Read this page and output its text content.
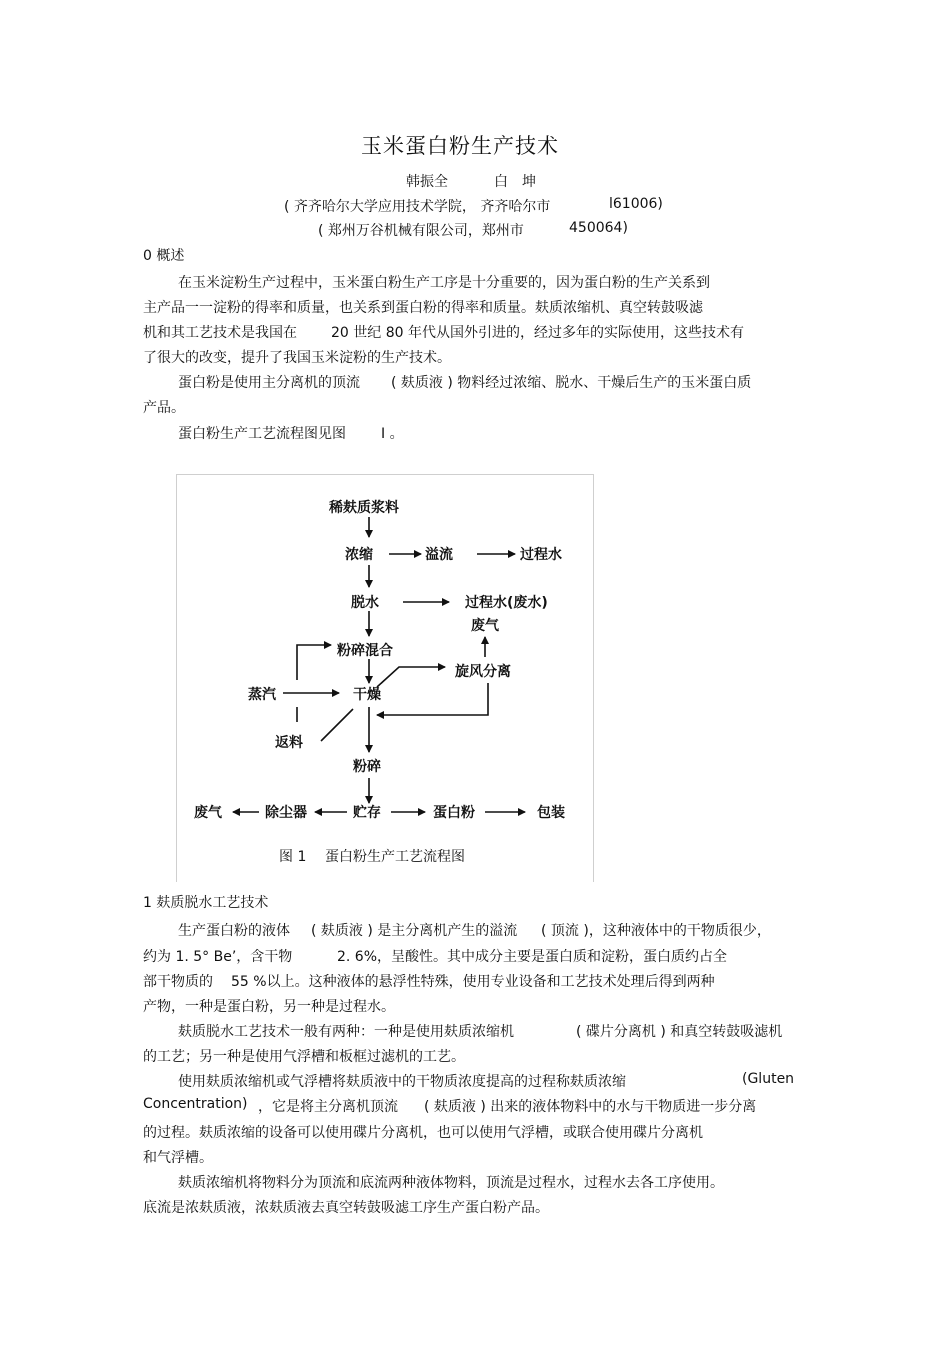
玉米蛋白粉生产技术
韩振全	白　坤
( 齐齐哈尔大学应用技术学院， 齐齐哈尔市	l61006)
( 郑州万谷机械有限公司，郑州市	450064)
0 概述
在玉米淀粉生产过程中，玉米蛋白粉生产工序是十分重要的，因为蛋白粉的生产关系到
主产品一一淀粉的得率和质量，也关系到蛋白粉的得率和质量。麸质浓缩机、真空转鼓吸滤
机和其工艺技术是我国在 20 世纪 80 年代从国外引进的，经过多年的实际使用，这些技术有
了很大的改变，提升了我国玉米淀粉的生产技术。
蛋白粉是使用主分离机的顶流 ( 麸质液 ) 物料经过浓缩、脱水、干燥后生产的玉米蛋白质
产品。
蛋白粉生产工艺流程图见图	I 。
稀麸质浆料
浓缩	溢流	过程水
脱水	过程水(废水)
废气
粉碎混合
旋风分离
蒸汽	干燥
返料
粉碎
废气	除尘器	贮存	蛋白粉	包装
图 1 蛋白粉生产工艺流程图
1 麸质脱水工艺技术
生产蛋白粉的液体 ( 麸质液 ) 是主分离机产生的溢流 ( 顶流 )，这种液体中的干物质很少，
约为 1. 5° Be’，含干物	2. 6%，呈酸性。其中成分主要是蛋白质和淀粉，蛋白质约占全
部干物质的 55 %以上。这种液体的悬浮性特殊，使用专业设备和工艺技术处理后得到两种
产物，一种是蛋白粉，另一种是过程水。
麸质脱水工艺技术一般有两种：一种是使用麸质浓缩机	( 碟片分离机 ) 和真空转鼓吸滤机
的工艺；另一种是使用气浮槽和板框过滤机的工艺。
使用麸质浓缩机或气浮槽将麸质液中的干物质浓度提高的过程称麸质浓缩	(Gluten
Concentration) ，它是将主分离机顶流 ( 麸质液 ) 出来的液体物料中的水与干物质进一步分离
的过程。麸质浓缩的设备可以使用碟片分离机，也可以使用气浮槽，或联合使用碟片分离机
和气浮槽。
麸质浓缩机将物料分为顶流和底流两种液体物料，顶流是过程水，过程水去各工序使用。
底流是浓麸质液，浓麸质液去真空转鼓吸滤工序生产蛋白粉产品。
